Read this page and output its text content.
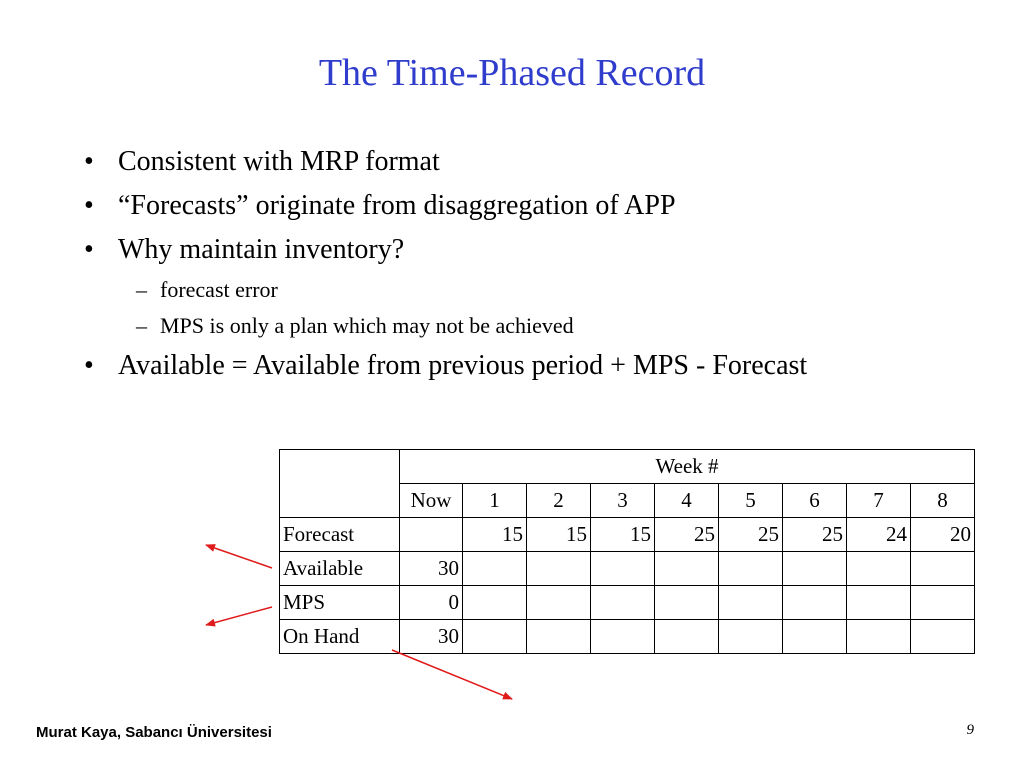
The Time-Phased Record
• Consistent with MRP format
• “Forecasts” originate from disaggregation of APP
• Why maintain inventory?
– forecast error
– MPS is only a plan which may not be achieved
• Available = Available from previous period + MPS - Forecast
	Week #								
	Now	1	2	3	4	5	6	7	8
Forecast		15	15	15	25	25	25	24	20
Available	30								
MPS	0								
On Hand	30								
Murat Kaya, Sabancı Üniversitesi	9
